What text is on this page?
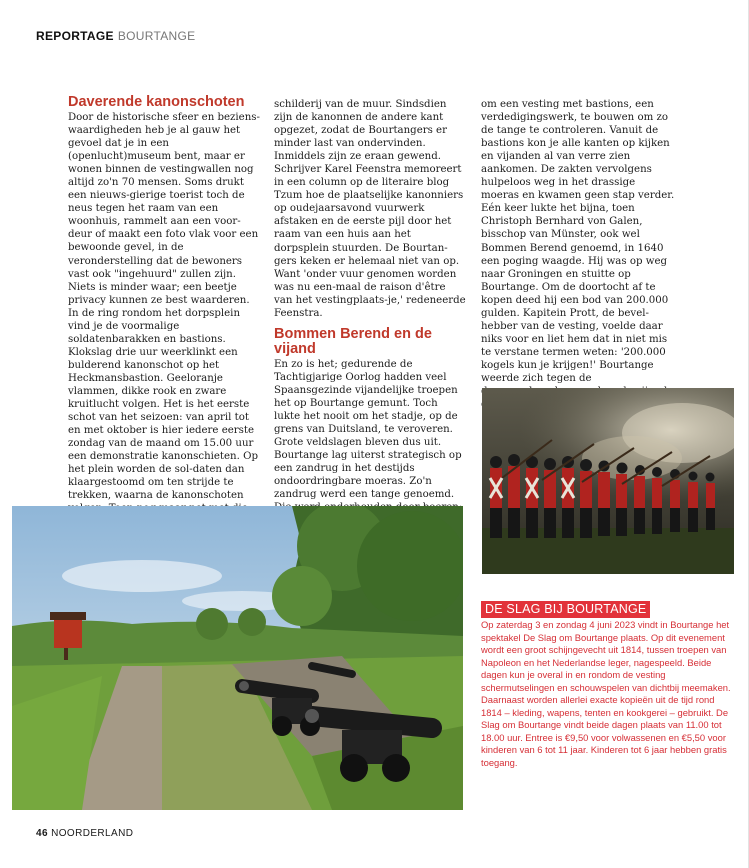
REPORTAGE BOURTANGE
Daverende kanonschoten

Door de historische sfeer en beziens-waardigheden heb je al gauw het gevoel dat je in een (openlucht)museum bent, maar er wonen binnen de vestingwallen nog altijd zo'n 70 mensen. Soms drukt een nieuws-gierige toerist toch de neus tegen het raam van een woonhuis, rammelt aan een voor-deur of maakt een foto vlak voor een bewoonde gevel, in de veronderstelling dat de bewoners vast ook "ingehuurd" zullen zijn. Niets is minder waar; een beetje privacy kunnen ze best waarderen.

In de ring rondom het dorpsplein vind je de voormalige soldatenbarakken en bastions. Klokslag drie uur weerklinkt een bulderend kanonschot op het Heckmansbastion. Geeloranje vlammen, dikke rook en zware kruitlucht volgen. Het is het eerste schot van het seizoen: van april tot en met oktober is hier iedere eerste zondag van de maand om 15.00 uur een demonstratie kanonschieten. Op het plein worden de sol-daten dan klaargestoomd om ten strijde te trekken, waarna de kanonschoten

schilderij van de muur. Sindsdien zijn de kanonnen de andere kant opgezet, zodat de Bourtangers er minder last van ondervinden. Inmiddels zijn ze eraan gewend. Schrijver Karel Feenstra memoreert in een column op de literaire blog Tzum hoe de plaatselijke kanonniers op oudejaarsavond vuurwerk afstaken en de eerste pijl door het raam van een huis aan het dorpsplein stuurden. De Bourtan-gers keken er helemaal niet van op. Want 'onder vuur genomen worden was nu een-maal de raison d'être van het vestingplaats-je,' redeneerde Feenstra.

Bommen Berend en de vijand

En zo is het; gedurende de Tachtigjarige Oorlog hadden veel Spaansgezinde vijandelijke troepen het op Bourtange gemunt. Toch lukte het nooit om het stadje, op de grens van Duitsland, te veroveren. Grote veldslagen bleven dus uit. Bourtange lag uiterst strategisch op een zandrug in het destijds ondoordringbare moeras. Zo'n zandrug werd een tange genoemd.

om een vesting met bastions, een verdedigingswerk, te bouwen om zo de tange te controleren. Vanuit de bastions kon je alle kanten op kijken en vijanden al van verre zien aankomen. De zakten vervolgens hulpeloos weg in het drassige moeras en kwamen geen stap verder. Eén keer lukte het bijna, toen Christoph Bernhard von Galen, bisschop van Münster, ook wel Bommen Berend genoemd, in 1640 een poging waagde. Hij was op weg naar Groningen en stuitte op Bourtange. Om de doortocht af te kopen deed hij een bod van 200.000 gulden. Kapitein Prott, de bevel-hebber van de vesting, voelde daar niks voor en liet hem dat in niet mis te verstane termen weten: '200.000 kogels kun je krijgen!' Bourtange weerde zich tegen de

DE SLAG BIJ BOURTANGE
Op zaterdag 3 en zondag 4 juni 2023 vindt in Bourtange het spektakel De Slag om Bourtange plaats. Op dit evenement wordt een groot schijngevecht uit 1814, tussen troepen van Napoleon en het Nederlandse leger, nagespeeld. Beide dagen kun je overal in en rondom de vesting schermutselingen en schouwspelen van dichtbij meemaken. Daarnaast worden allerlei exacte kopieën uit de tijd rond 1814 – kleding, wapens, tenten en kookgerei – gebruikt. De Slag om Bourtange vindt beide dagen plaats van 11.00 tot 18.00 uur. Entree is €9,50 voor volwassenen en €5,50 voor kinderen van 6 tot 11 jaar. Kinderen tot 6 jaar hebben gratis toegang.
46 NOORDERLAND
